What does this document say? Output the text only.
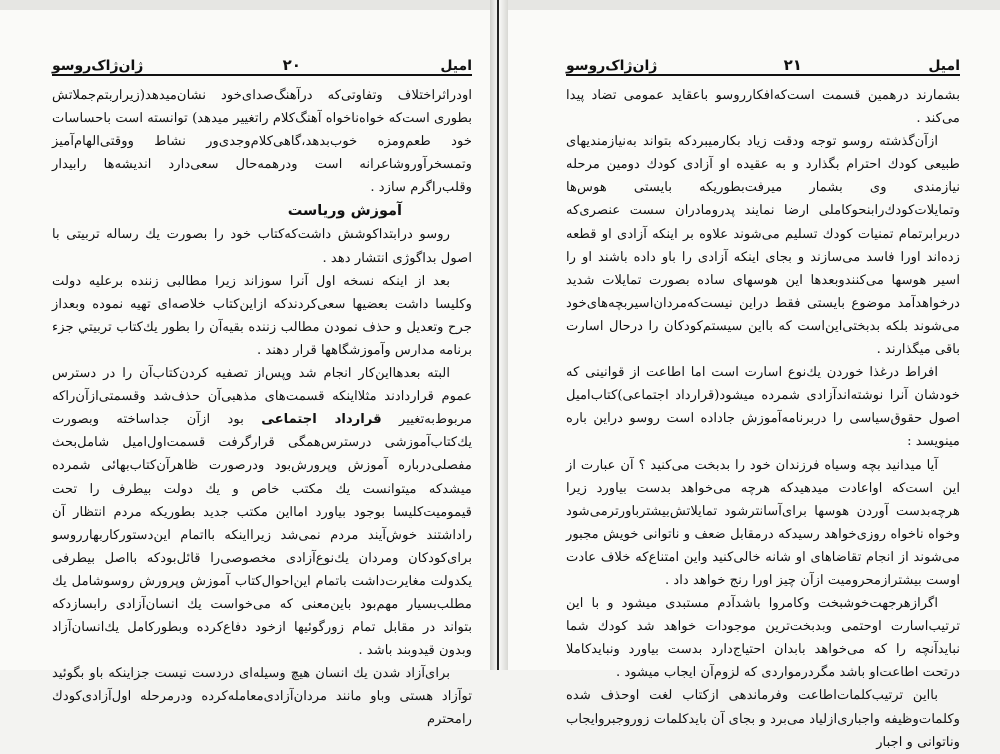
امیل
۲۰
ژان‌ژاک‌روسو

اودرا‌ثر‌اختلاف و‌تفاوتی‌که‌ در‌آهنگ‌صدای‌خود نشان‌میدهد(زیرا‌ربتم‌جملاتش بطوری است‌که خواه‌ناخواه آهنگ‌کلام را‌تغییر میدهد) توانسته است باحساسات خود طعم‌ومزه خوب‌بدهد،گاهی‌کلام‌وجدی‌ور نشاط ووقتی‌الهام‌آمیز و‌تمسخر‌آوروشاعرانه است ودرهمه‌حال سعی‌دارد اندیشه‌ها رابیدار وقلب‌راگرم سازد .

آموزش وریاست

روسو درابتداکوشش داشت‌که‌کتاب خود را بصورت یك رساله تربیتی با اصول بداگوژی انتشار دهد .

بعد از اینکه نسخه اول آنرا سوزاند زیرا مطالبی زننده برعلیه دولت وکلیسا داشت بعضیها سعی‌کردندکه ازاین‌کتاب خلاصه‌ای تهیه نموده وبعداز جرح وتعدیل و حذف نمودن مطالب زننده بقیه‌آن را بطور يك‌كتاب تربيتي جزء برنامه مدارس وآموزشگاهها قرار دهند .

البته بعدهااین‌کار انجام شد وپس‌از تصفیه کردن‌کتاب‌آن را در دسترس عموم قراردادند مثلا‌اینکه قسمت‌های مذهبی‌آن حذف‌شد وقسمتی‌ازآن‌راکه مربوط‌به‌تغییر قرارداد اجتماعی بود ازآن جداساخته وبصورت يك‌كتاب‌آموزشی درسترس‌همگی قرارگرفت قسمت‌اول‌امیل شامل‌بحث مفصلی‌درباره آموزش وپرورش‌بود ودرصورت ظاهرآن‌کتاب‌بهائی شمرده میشدکه میتوانست يك مكتب خاص و يك دولت بيطرف را تحت قیمومیت‌کلیسا بوجود بیاورد امااین مکتب جدید بطوریکه مردم انتظار آن راداشتند خوش‌آیند مردم نمی‌شد زیرااینکه بااتمام این‌دستورکار‌بهارروسو برای‌کودکان ومردان يك‌نوع‌آزادی مخصوصی‌را قائل‌بودکه بااصل بیطرفی یکدولت مغایرت‌داشت باتمام این‌احوال‌کتاب آموزش وپرورش روسوشامل يك مطلب‌بسيار مهم‌بود باين‌معنى كه می‌خواست يك انسان‌آزادی رابسازدکه بتواند در مقابل تمام زورگوئیها ازخود دفاع‌کرده وبطور‌کامل يك‌انسان‌آزاد وبدون قیدوبند باشد .

برای‌آزاد شدن يك انسان هیچ وسیله‌ای دردست نیست جزاینکه باو بگوئید توآزاد هستی وباو مانند مردان‌آزادی‌معامله‌کرده ودرمرحله اول‌آزادی‌کودك رامحترم

امیل
۲۱
ژان‌ژاک‌روسو

بشمارند درهمین قسمت است‌که‌افکارروسو باعقاید عمومی تضاد پیدا می‌کند .

ازآن‌گذشته روسو توجه ودقت زیاد بکارمیبرد‌که بتواند به‌نیازمندیهای طبیعی کودك احترام بگذارد و به عقیده او آزادی کودك دومین مرحله نیازمندی وی بشمار میرفت‌بطوریکه بایستی هوس‌ها و‌تمایلات‌کودك‌را‌بنحوکاملی ارضا نمایند پدرومادران سست عنصری‌که دربرابر‌تمام تمنیات کودك تسلیم می‌شوند علاوه بر اینکه آزادی او قطعه‌ زده‌اند اورا فاسد می‌سازند و بجای اینکه آزادی را باو داده باشند او را اسیر هوسها می‌کنندوبعدها این هوسهای ساده بصورت تمایلات شدید درخواهدآمد موضوع بایستی فقط دراین نیست‌که‌مردان‌اسیر‌بچه‌های‌خود می‌شوند بلکه بدبختی‌این‌است که بااین سیستم‌کودکان را درحال اسارت باقی میگذارند .

افراط درغذا خوردن يك‌نوع اسارت است اما اطاعت از قوانینی که خودشان آنرا نوشته‌اندآزادی شمرده میشود(قرارداد اجتماعی)کتاب‌امیل اصول حقوق‌سیاسی را دربرنامه‌آموزش جاداده است روسو دراین باره مینویسد :

آیا میدانید بچه وسیاه فرزندان خود را بدبخت می‌کنید ؟ آن عبارت از این است‌که او‌اعادت میدهیدکه هرچه می‌خواهد بدست بیاورد زیرا هرچه‌بدست آوردن هوسها برای‌آسانترشود تمایلاتش‌بیشتر‌باورتر‌می‌شود وخواه ناخواه روزی‌خواهد رسیدکه درمقابل ضعف و ناتوانی خویش مجبور می‌شوند از انجام تقاضاهای او شانه خالی‌کنید واین امتناع‌که خلاف عادت اوست بیشتر‌ازمحرومیت ازآن چیز اورا رنج خواهد داد .

اگرازهرجهت‌خوشبخت وکامروا باشدآدم مستبدی میشود و با این ترتیب‌اسارت اوحتمی وبدبخت‌ترین موجودات خواهد شد کودك شما نبایدآنچه را که می‌خواهد بابدان احتیاج‌دارد بدست بیاورد ونبایدکاملا درتحت اطاعت‌او باشد مگر‌درمواردی که لزوم‌آن ایجاب میشود .

بااین ترتیب‌کلمات‌اطاعت وفرماندهی ازکتاب لغت اوحذف شده وکلمات‌وظیفه واجباری‌ازلیاد می‌برد و بجای آن بایدکلمات زوروجبر‌وایجاب وناتوانی و اجبار
